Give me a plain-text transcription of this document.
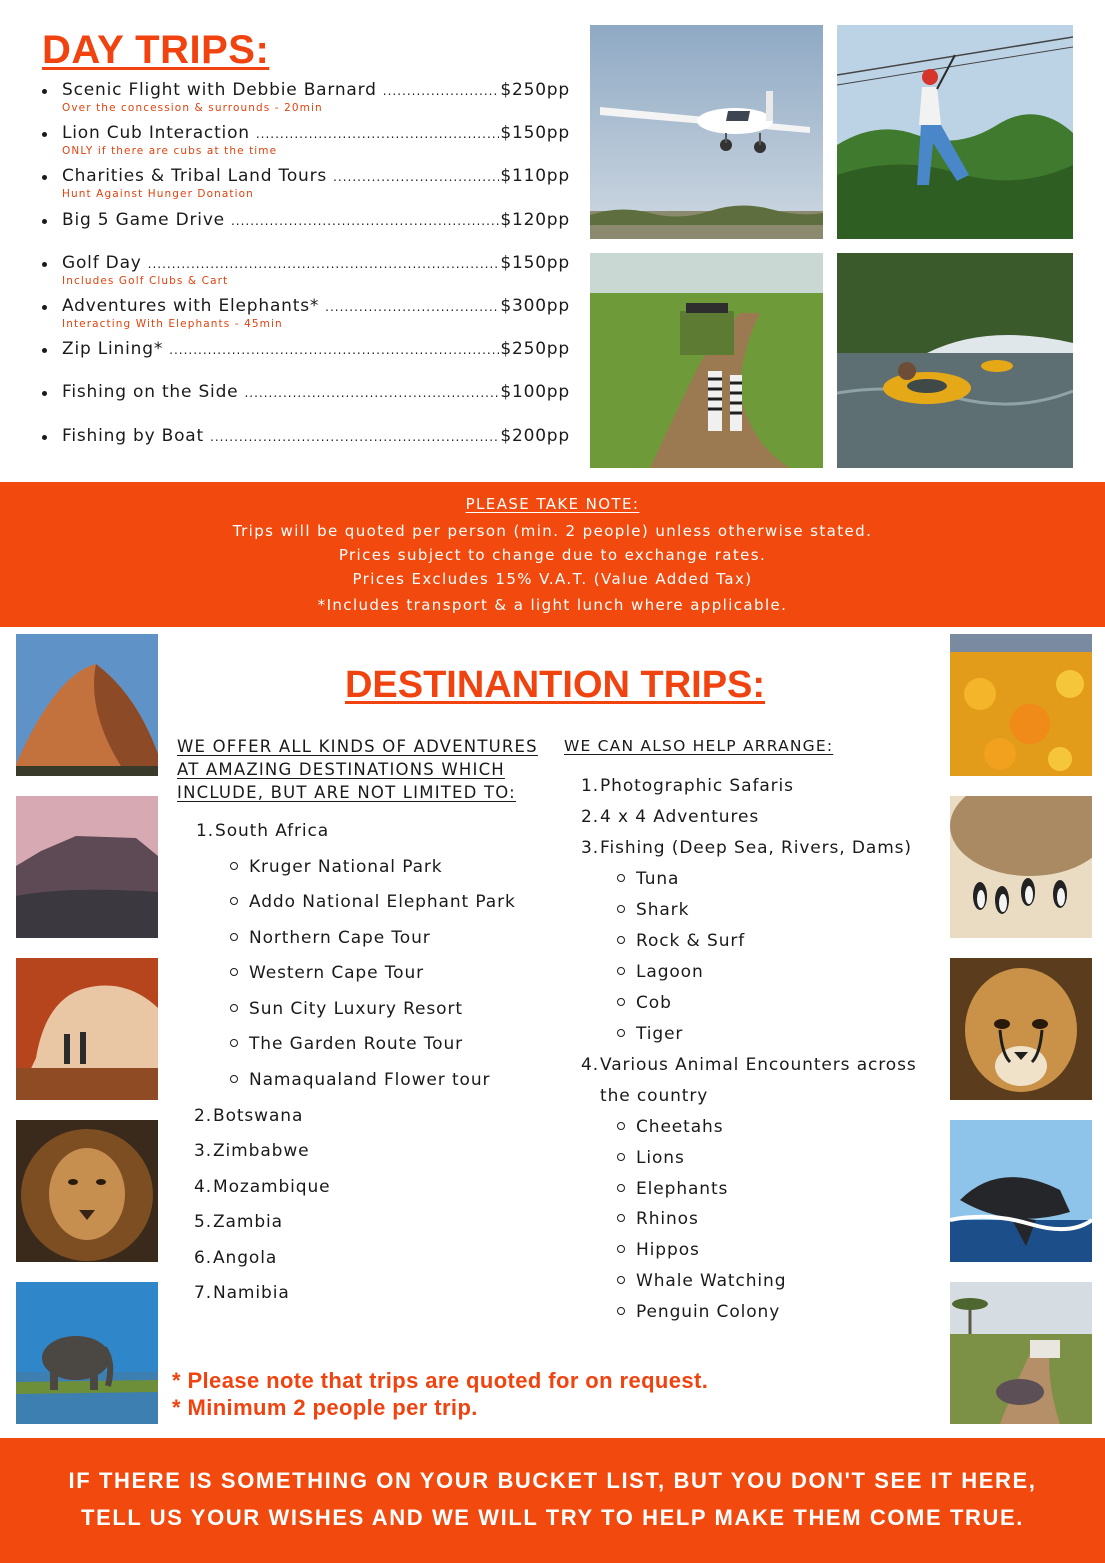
DAY TRIPS:
Scenic Flight with Debbie Barnard .....	$250pp
Over the concession & surrounds - 20min
Lion Cub Interaction .....	$150pp
ONLY if there are cubs at the time
Charities & Tribal Land Tours .....	$110pp
Hunt Against Hunger Donation
Big 5 Game Drive .....	$120pp
Golf Day .....	$150pp
Includes Golf Clubs & Cart
Adventures with Elephants* .....	$300pp
Interacting With Elephants - 45min
Zip Lining* .....	$250pp
Fishing on the Side .....	$100pp
Fishing by Boat .....	$200pp
PLEASE TAKE NOTE:
Trips will be quoted per person (min. 2 people) unless otherwise stated.
Prices subject to change due to exchange rates.
Prices Excludes 15% V.A.T. (Value Added Tax)
*Includes transport & a light lunch where applicable.
DESTINANTION TRIPS:
WE OFFER ALL KINDS OF ADVENTURES AT AMAZING DESTINATIONS WHICH INCLUDE, BUT ARE NOT LIMITED TO:
WE CAN ALSO HELP ARRANGE:
1.South Africa
Kruger National Park
Addo National Elephant Park
Northern Cape Tour
Western Cape Tour
Sun City Luxury Resort
The Garden Route Tour
Namaqualand Flower tour
2.Botswana
3.Zimbabwe
4.Mozambique
5.Zambia
6.Angola
7.Namibia
1.Photographic Safaris
2.4 x 4 Adventures
3.Fishing (Deep Sea, Rivers, Dams)
Tuna
Shark
Rock & Surf
Lagoon
Cob
Tiger
4.Various Animal Encounters across
the country
Cheetahs
Lions
Elephants
Rhinos
Hippos
Whale Watching
Penguin Colony
* Please note that trips are quoted for on request.
* Minimum 2 people per trip.
IF THERE IS SOMETHING ON YOUR BUCKET LIST, BUT YOU DON'T SEE IT HERE,
TELL US YOUR WISHES AND WE WILL TRY TO HELP MAKE THEM COME TRUE.
